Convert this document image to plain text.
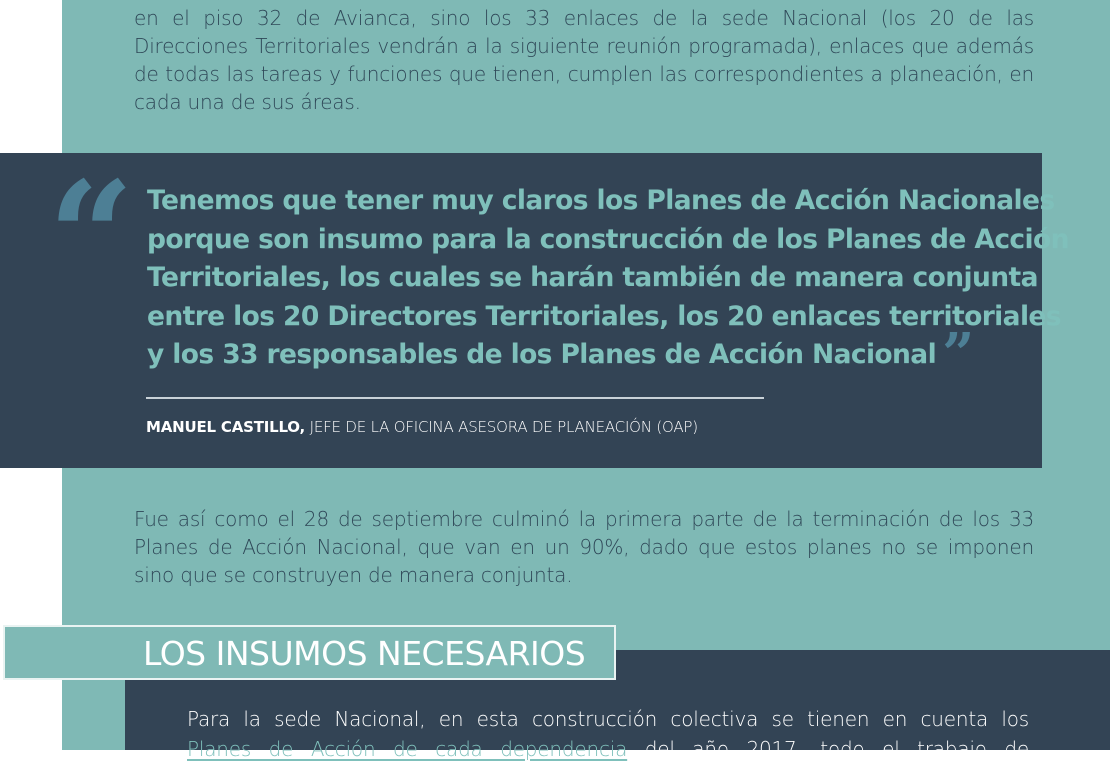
en el piso 32 de Avianca, sino los 33 enlaces de la sede Nacional (los 20 de las
Direcciones Territoriales vendrán a la siguiente reunión programada), enlaces que además
de todas las tareas y funciones que tienen, cumplen las correspondientes a planeación, en
cada una de sus áreas.

“ Tenemos que tener muy claros los Planes de Acción Nacionales
porque son insumo para la construcción de los Planes de Acción
Territoriales, los cuales se harán también de manera conjunta
entre los 20 Directores Territoriales, los 20 enlaces territoriales
y los 33 responsables de los Planes de Acción Nacional ”

MANUEL CASTILLO, JEFE DE LA OFICINA ASESORA DE PLANEACIÓN (OAP)

Fue así como el 28 de septiembre culminó la primera parte de la terminación de los 33
Planes de Acción Nacional, que van en un 90%, dado que estos planes no se imponen
sino que se construyen de manera conjunta.

LOS INSUMOS NECESARIOS

Para la sede Nacional, en esta construcción colectiva se tienen en cuenta los
Planes de Acción de cada dependencia del año 2017, todo el trabajo de
